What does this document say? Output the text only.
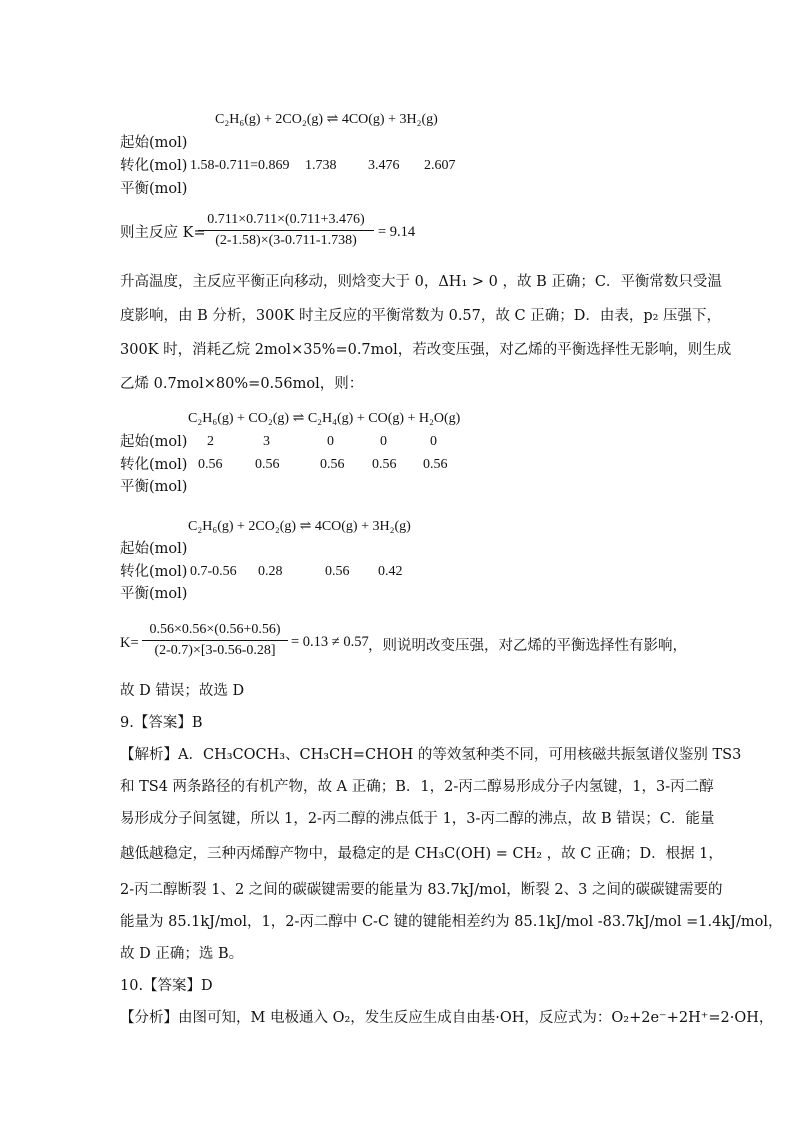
C₂H₆(g) + 2CO₂(g) ⇌ 4CO(g) + 3H₂(g)
起始(mol)
转化(mol) 1.58-0.711=0.869 1.738 3.476 2.607
平衡(mol)
则主反应 K=
0.711×0.711×(0.711+3.476)
(2-1.58)×(3-0.711-1.738)
= 9.14
升高温度，主反应平衡正向移动，则焓变大于 0，ΔH₁ > 0 ，故 B 正确；C．平衡常数只受温
度影响，由 B 分析，300K 时主反应的平衡常数为 0.57，故 C 正确；D．由表，p₂ 压强下，
300K 时，消耗乙烷 2mol×35%=0.7mol，若改变压强，对乙烯的平衡选择性无影响，则生成
乙烯 0.7mol×80%=0.56mol，则：
C₂H₆(g) + CO₂(g) ⇌ C₂H₄(g) + CO(g) + H₂O(g)
起始(mol) 2	3	0	0	0
转化(mol) 0.56 0.56	0.56 0.56 0.56
平衡(mol)
C₂H₆(g) + 2CO₂(g) ⇌ 4CO(g) + 3H₂(g)
起始(mol)
转化(mol) 0.7-0.56 0.28	0.56 0.42
平衡(mol)
K=
0.56×0.56×(0.56+0.56)
(2-0.7)×[3-0.56-0.28]
= 0.13 ≠ 0.57 ，则说明改变压强，对乙烯的平衡选择性有影响，
故 D 错误；故选 D
9.【答案】B
【解析】A．CH₃COCH₃、CH₃CH=CHOH 的等效氢种类不同，可用核磁共振氢谱仪鉴别 TS3
和 TS4 两条路径的有机产物，故 A 正确；B．1，2-丙二醇易形成分子内氢键，1，3-丙二醇
易形成分子间氢键，所以 1，2-丙二醇的沸点低于 1，3-丙二醇的沸点，故 B 错误；C．能量
越低越稳定，三种丙烯醇产物中，最稳定的是 CH₃C(OH) = CH₂ ，故 C 正确；D．根据 1，
2-丙二醇断裂 1、2 之间的碳碳键需要的能量为 83.7kJ/mol，断裂 2、3 之间的碳碳键需要的
能量为 85.1kJ/mol，1，2-丙二醇中 C-C 键的键能相差约为 85.1kJ/mol -83.7kJ/mol =1.4kJ/mol，
故 D 正确；选 B。
10.【答案】D
【分析】由图可知，M 电极通入 O₂，发生反应生成自由基·OH，反应式为：O₂+2e⁻+2H⁺=2·OH，
